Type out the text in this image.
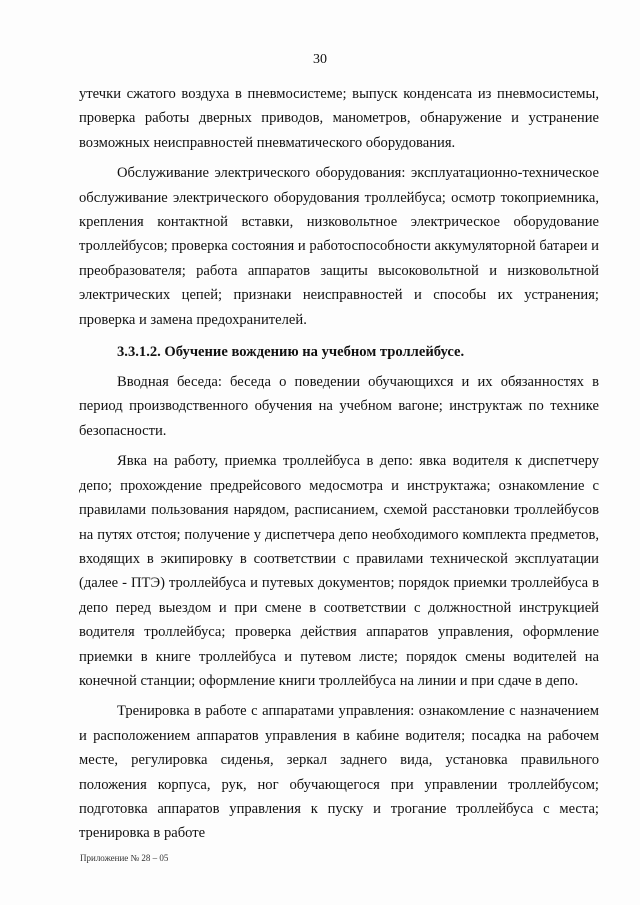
30

утечки сжатого воздуха в пневмосистеме; выпуск конденсата из пневмосистемы, проверка работы дверных приводов, манометров, обнаружение и устранение возможных неисправностей пневматического оборудования.

Обслуживание электрического оборудования: эксплуатационно-техническое обслуживание электрического оборудования троллейбуса; осмотр токоприемника, крепления контактной вставки, низковольтное электрическое оборудование троллейбусов; проверка состояния и работоспособности аккумуляторной батареи и преобразователя; работа аппаратов защиты высоковольтной и низковольтной электрических цепей; признаки неисправностей и способы их устранения; проверка и замена предохранителей.

3.3.1.2. Обучение вождению на учебном троллейбусе.

Вводная беседа: беседа о поведении обучающихся и их обязанностях в период производственного обучения на учебном вагоне; инструктаж по технике безопасности.

Явка на работу, приемка троллейбуса в депо: явка водителя к диспетчеру депо; прохождение предрейсового медосмотра и инструктажа; ознакомление с правилами пользования нарядом, расписанием, схемой расстановки троллейбусов на путях отстоя; получение у диспетчера депо необходимого комплекта предметов, входящих в экипировку в соответствии с правилами технической эксплуатации (далее - ПТЭ) троллейбуса и путевых документов; порядок приемки троллейбуса в депо перед выездом и при смене в соответствии с должностной инструкцией водителя троллейбуса; проверка действия аппаратов управления, оформление приемки в книге троллейбуса и путевом листе; порядок смены водителей на конечной станции; оформление книги троллейбуса на линии и при сдаче в депо.

Тренировка в работе с аппаратами управления: ознакомление с назначением и расположением аппаратов управления в кабине водителя; посадка на рабочем месте, регулировка сиденья, зеркал заднего вида, установка правильного положения корпуса, рук, ног обучающегося при управлении троллейбусом; подготовка аппаратов управления к пуску и трогание троллейбуса с места; тренировка в работе

Приложение № 28 – 05
